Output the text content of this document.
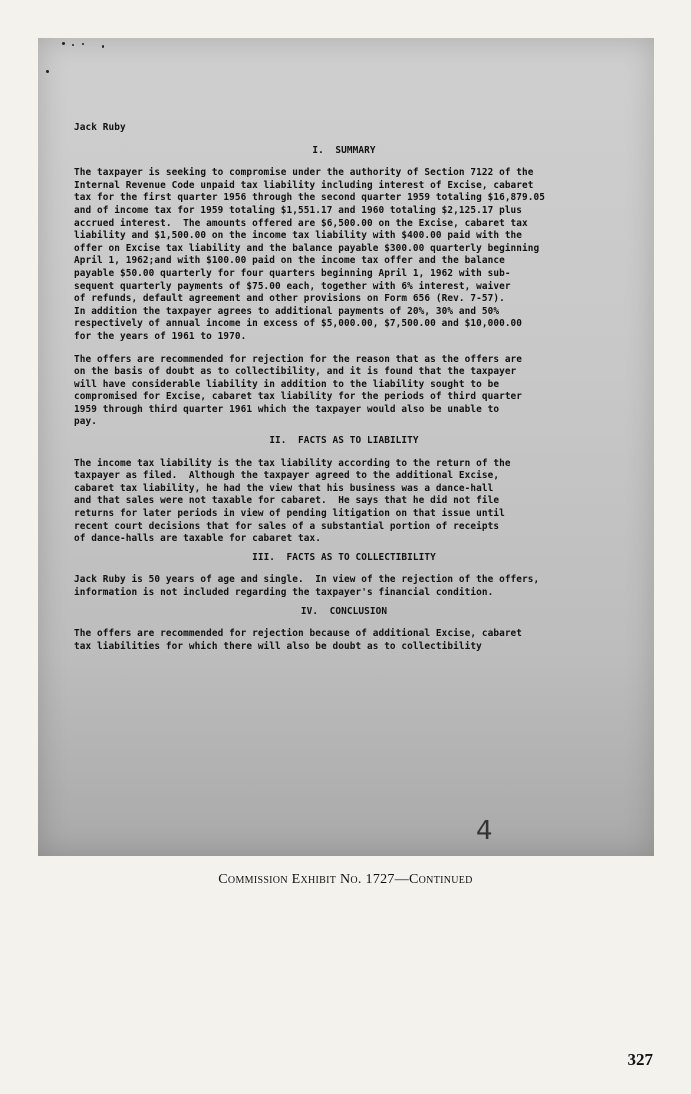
Jack Ruby
I.  SUMMARY
The taxpayer is seeking to compromise under the authority of Section 7122 of the
Internal Revenue Code unpaid tax liability including interest of Excise, cabaret
tax for the first quarter 1956 through the second quarter 1959 totaling $16,879.05
and of income tax for 1959 totaling $1,551.17 and 1960 totaling $2,125.17 plus
accrued interest.  The amounts offered are $6,500.00 on the Excise, cabaret tax
liability and $1,500.00 on the income tax liability with $400.00 paid with the
offer on Excise tax liability and the balance payable $300.00 quarterly beginning
April 1, 1962;and with $100.00 paid on the income tax offer and the balance
payable $50.00 quarterly for four quarters beginning April 1, 1962 with sub-
sequent quarterly payments of $75.00 each, together with 6% interest, waiver
of refunds, default agreement and other provisions on Form 656 (Rev. 7-57).
In addition the taxpayer agrees to additional payments of 20%, 30% and 50%
respectively of annual income in excess of $5,000.00, $7,500.00 and $10,000.00
for the years of 1961 to 1970.
The offers are recommended for rejection for the reason that as the offers are
on the basis of doubt as to collectibility, and it is found that the taxpayer
will have considerable liability in addition to the liability sought to be
compromised for Excise, cabaret tax liability for the periods of third quarter
1959 through third quarter 1961 which the taxpayer would also be unable to
pay.
II.  FACTS AS TO LIABILITY
The income tax liability is the tax liability according to the return of the
taxpayer as filed.  Although the taxpayer agreed to the additional Excise,
cabaret tax liability, he had the view that his business was a dance-hall
and that sales were not taxable for cabaret.  He says that he did not file
returns for later periods in view of pending litigation on that issue until
recent court decisions that for sales of a substantial portion of receipts
of dance-halls are taxable for cabaret tax.
III.  FACTS AS TO COLLECTIBILITY
Jack Ruby is 50 years of age and single.  In view of the rejection of the offers,
information is not included regarding the taxpayer's financial condition.
IV.  CONCLUSION
The offers are recommended for rejection because of additional Excise, cabaret
tax liabilities for which there will also be doubt as to collectibility
4
Commission Exhibit No. 1727—Continued
327
